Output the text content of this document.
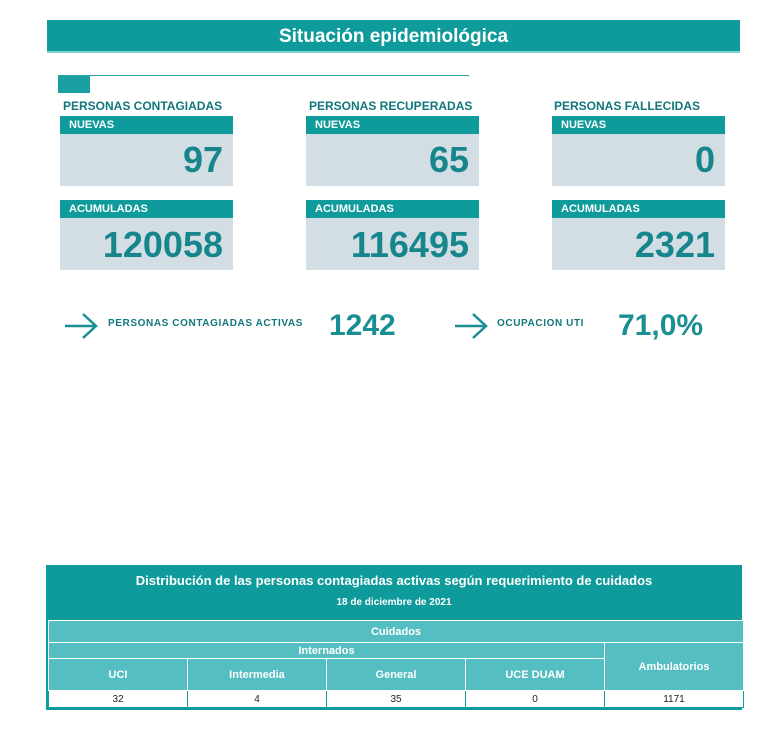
Situación epidemiológica
PERSONAS CONTAGIADAS
NUEVAS
97
ACUMULADAS
120058
PERSONAS RECUPERADAS
NUEVAS
65
ACUMULADAS
116495
PERSONAS FALLECIDAS
NUEVAS
0
ACUMULADAS
2321
PERSONAS CONTAGIADAS ACTIVAS 1242	OCUPACION UTI 71,0%
Distribución de las personas contagiadas activas según requerimiento de cuidados
18 de diciembre de 2021
Cuidados				
Internados				Ambulatorios
UCI	Intermedia	General	UCE DUAM	
32	4	35	0	1171
